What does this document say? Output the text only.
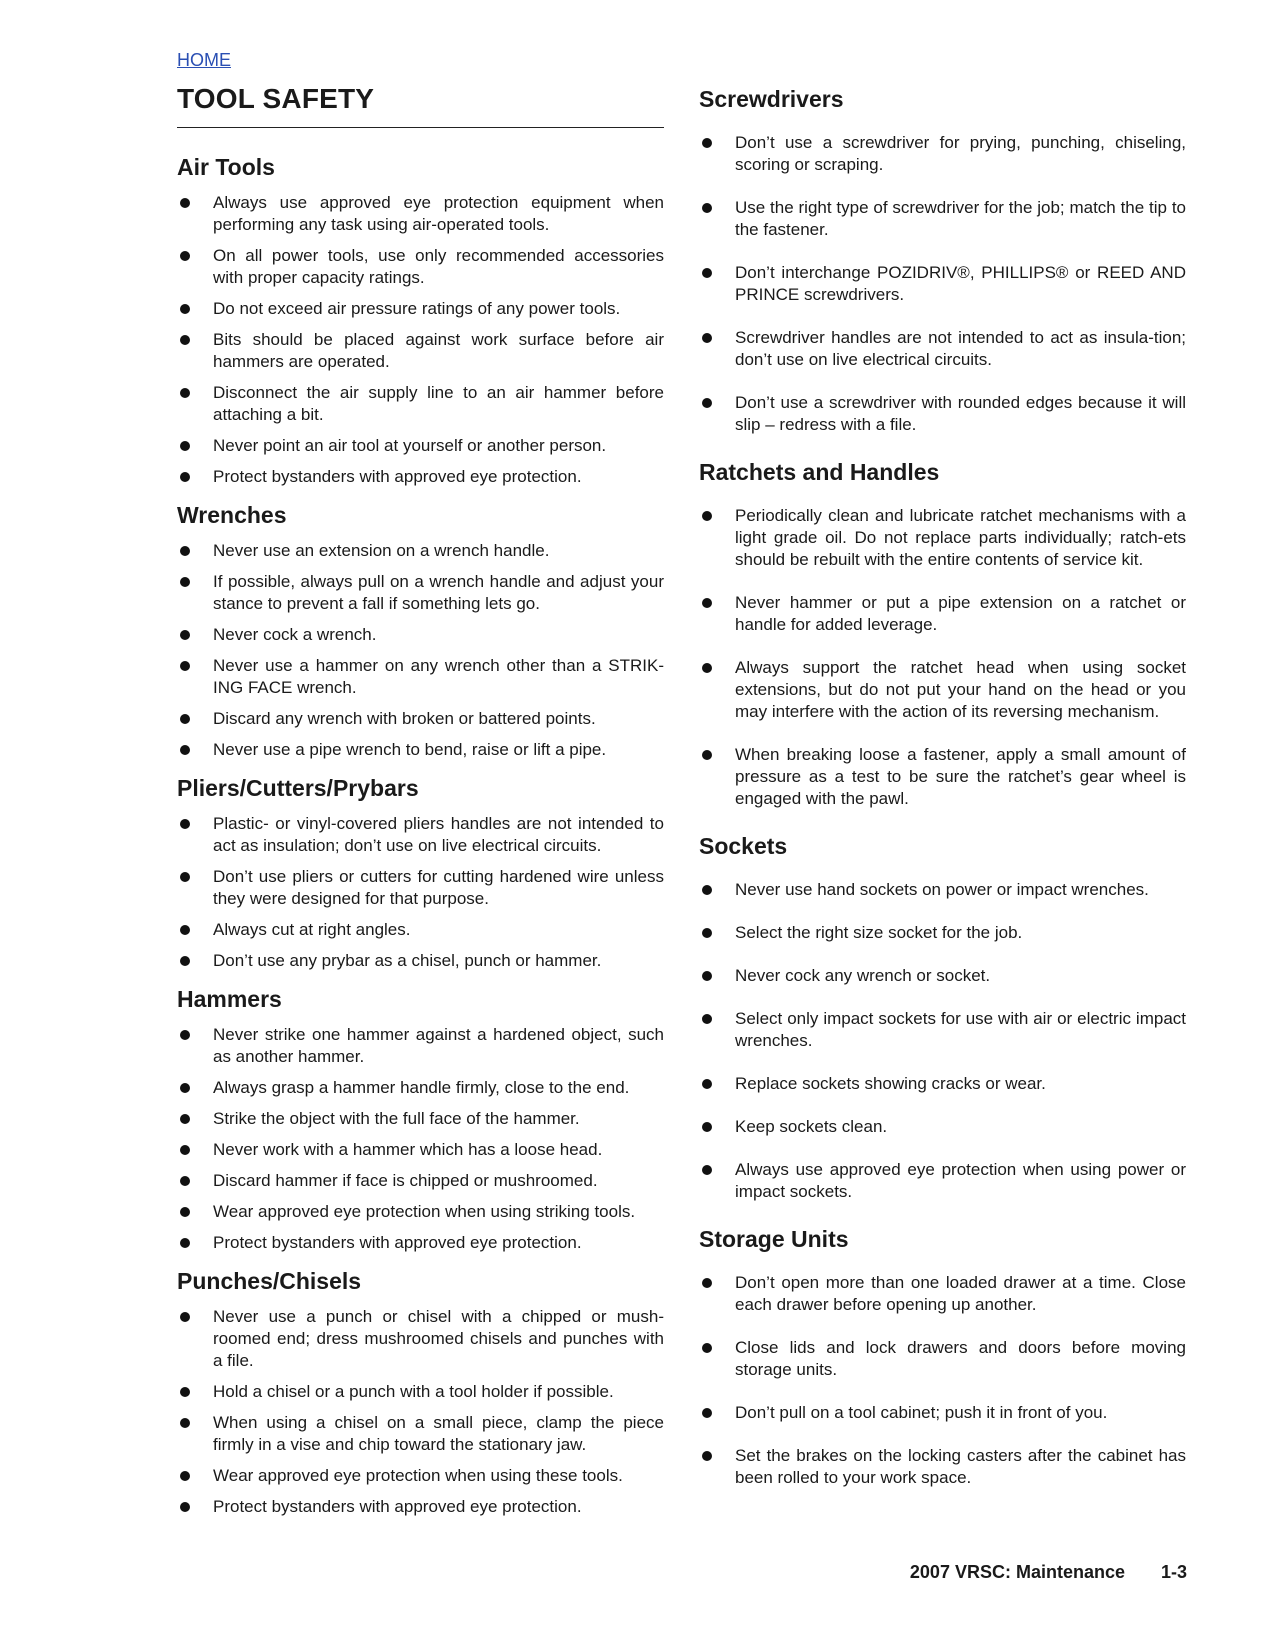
HOME
TOOL SAFETY
Air Tools
Always use approved eye protection equipment when performing any task using air-operated tools.
On all power tools, use only recommended accessories with proper capacity ratings.
Do not exceed air pressure ratings of any power tools.
Bits should be placed against work surface before air hammers are operated.
Disconnect the air supply line to an air hammer before attaching a bit.
Never point an air tool at yourself or another person.
Protect bystanders with approved eye protection.
Wrenches
Never use an extension on a wrench handle.
If possible, always pull on a wrench handle and adjust your stance to prevent a fall if something lets go.
Never cock a wrench.
Never use a hammer on any wrench other than a STRIK-ING FACE wrench.
Discard any wrench with broken or battered points.
Never use a pipe wrench to bend, raise or lift a pipe.
Pliers/Cutters/Prybars
Plastic- or vinyl-covered pliers handles are not intended to act as insulation; don’t use on live electrical circuits.
Don’t use pliers or cutters for cutting hardened wire unless they were designed for that purpose.
Always cut at right angles.
Don’t use any prybar as a chisel, punch or hammer.
Hammers
Never strike one hammer against a hardened object, such as another hammer.
Always grasp a hammer handle firmly, close to the end.
Strike the object with the full face of the hammer.
Never work with a hammer which has a loose head.
Discard hammer if face is chipped or mushroomed.
Wear approved eye protection when using striking tools.
Protect bystanders with approved eye protection.
Punches/Chisels
Never use a punch or chisel with a chipped or mush-roomed end; dress mushroomed chisels and punches with a file.
Hold a chisel or a punch with a tool holder if possible.
When using a chisel on a small piece, clamp the piece firmly in a vise and chip toward the stationary jaw.
Wear approved eye protection when using these tools.
Protect bystanders with approved eye protection.
Screwdrivers
Don’t use a screwdriver for prying, punching, chiseling, scoring or scraping.
Use the right type of screwdriver for the job; match the tip to the fastener.
Don’t interchange POZIDRIV®, PHILLIPS® or REED AND PRINCE screwdrivers.
Screwdriver handles are not intended to act as insula-tion; don’t use on live electrical circuits.
Don’t use a screwdriver with rounded edges because it will slip – redress with a file.
Ratchets and Handles
Periodically clean and lubricate ratchet mechanisms with a light grade oil. Do not replace parts individually; ratch-ets should be rebuilt with the entire contents of service kit.
Never hammer or put a pipe extension on a ratchet or handle for added leverage.
Always support the ratchet head when using socket extensions, but do not put your hand on the head or you may interfere with the action of its reversing mechanism.
When breaking loose a fastener, apply a small amount of pressure as a test to be sure the ratchet’s gear wheel is engaged with the pawl.
Sockets
Never use hand sockets on power or impact wrenches.
Select the right size socket for the job.
Never cock any wrench or socket.
Select only impact sockets for use with air or electric impact wrenches.
Replace sockets showing cracks or wear.
Keep sockets clean.
Always use approved eye protection when using power or impact sockets.
Storage Units
Don’t open more than one loaded drawer at a time. Close each drawer before opening up another.
Close lids and lock drawers and doors before moving storage units.
Don’t pull on a tool cabinet; push it in front of you.
Set the brakes on the locking casters after the cabinet has been rolled to your work space.
2007 VRSC: Maintenance 1-3
